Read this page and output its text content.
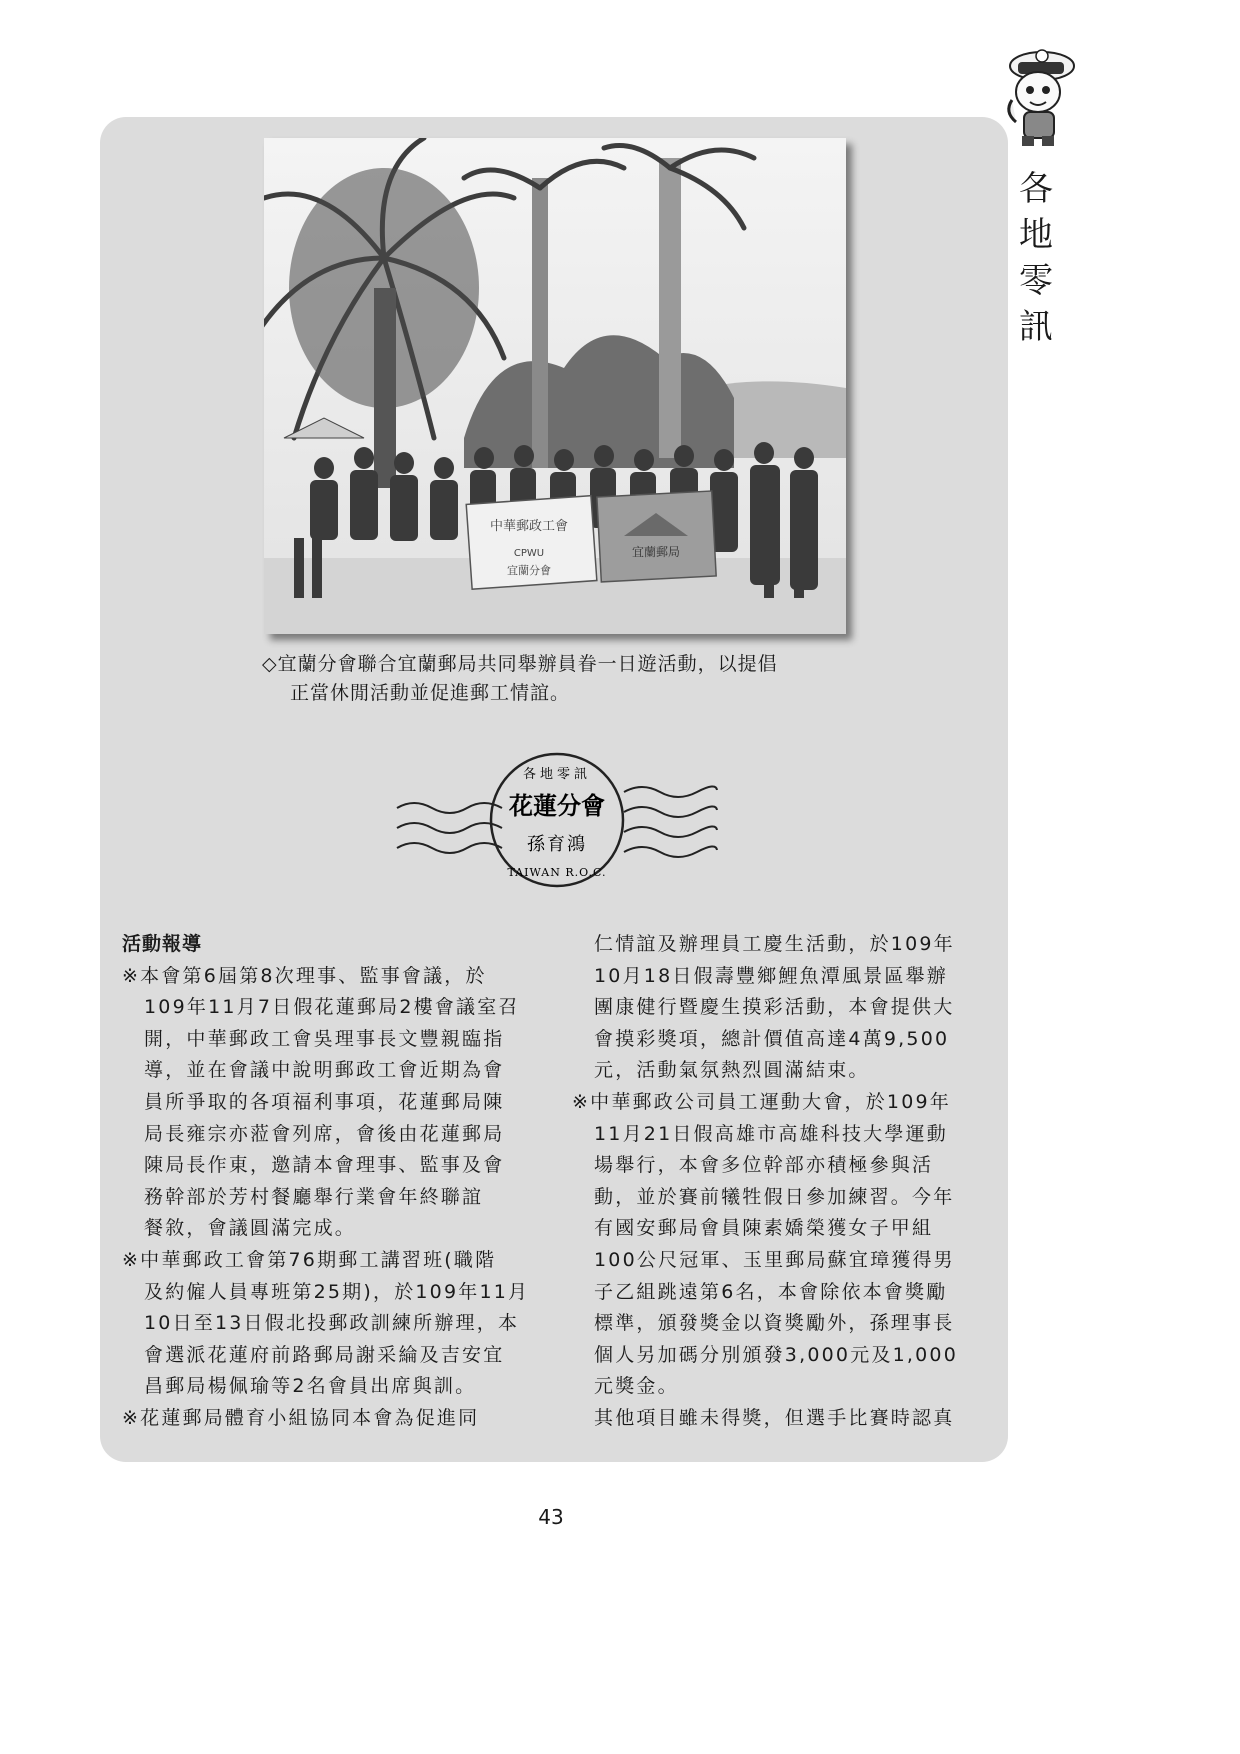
各
地
零
訊
中華郵政工會
CPWU
宜蘭分會
宜蘭郵局
◇宜蘭分會聯合宜蘭郵局共同舉辦員眷一日遊活動，以提倡
正當休閒活動並促進郵工情誼。
各地零訊
花蓮分會
孫育鴻
TAIWAN R.O.C.
活動報導
※本會第6屆第8次理事、監事會議，於
109年11月7日假花蓮郵局2樓會議室召
開，中華郵政工會吳理事長文豐親臨指
導，並在會議中說明郵政工會近期為會
員所爭取的各項福利事項，花蓮郵局陳
局長雍宗亦蒞會列席，會後由花蓮郵局
陳局長作東，邀請本會理事、監事及會
務幹部於芳村餐廳舉行業會年終聯誼
餐敘，會議圓滿完成。
※中華郵政工會第76期郵工講習班(職階
及約僱人員專班第25期)，於109年11月
10日至13日假北投郵政訓練所辦理，本
會選派花蓮府前路郵局謝采綸及吉安宜
昌郵局楊佩瑜等2名會員出席與訓。
※花蓮郵局體育小組協同本會為促進同
仁情誼及辦理員工慶生活動，於109年
10月18日假壽豐鄉鯉魚潭風景區舉辦
團康健行暨慶生摸彩活動，本會提供大
會摸彩獎項，總計價值高達4萬9,500
元，活動氣氛熱烈圓滿結束。
※中華郵政公司員工運動大會，於109年
11月21日假高雄市高雄科技大學運動
場舉行，本會多位幹部亦積極參與活
動，並於賽前犧牲假日參加練習。今年
有國安郵局會員陳素嬌榮獲女子甲組
100公尺冠軍、玉里郵局蘇宜璋獲得男
子乙組跳遠第6名，本會除依本會獎勵
標準，頒發獎金以資獎勵外，孫理事長
個人另加碼分別頒發3,000元及1,000
元獎金。
其他項目雖未得獎，但選手比賽時認真
43
